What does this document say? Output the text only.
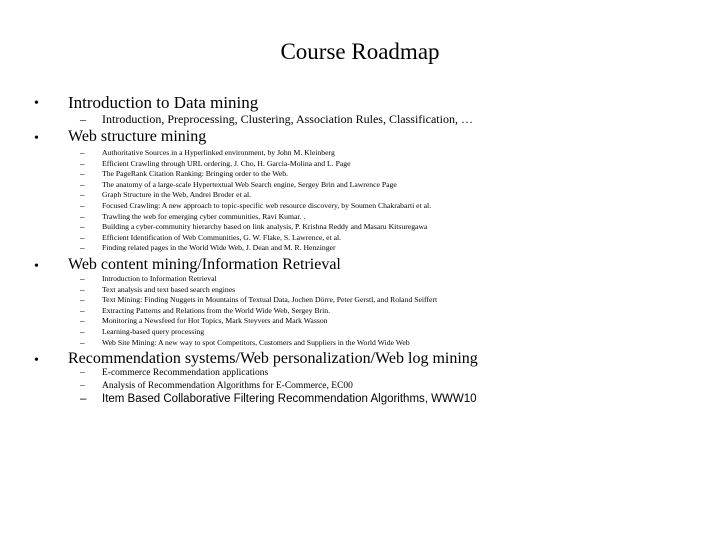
Course Roadmap
• Introduction to Data mining
– Introduction, Preprocessing, Clustering, Association Rules, Classification, …
• Web structure mining
– Authoritative Sources in a Hyperlinked environment, by John M. Kleinberg
– Efficient Crawling through URL ordering, J. Cho, H. Garcia-Molina and L. Page
– The PageRank Citation Ranking: Bringing order to the Web.
– The anatomy of a large-scale Hypertextual Web Search engine, Sergey Brin and Lawrence Page
– Graph Structure in the Web, Andrei Broder et al.
– Focused Crawling: A new approach to topic-specific web resource discovery, by Soumen Chakrabarti et al.
– Trawling the web for emerging cyber communities, Ravi Kumar. .
– Building a cyber-community hierarchy based on link analysis, P. Krishna Reddy and Masaru Kitsuregawa
– Efficient Identification of Web Communities, G. W. Flake, S. Lawrence, et al.
– Finding related pages in the World Wide Web, J. Dean and M. R. Henzinger
• Web content mining/Information Retrieval
– Introduction to Information Retrieval
– Text analysis and text based search engines
– Text Mining: Finding Nuggets in Mountains of Textual Data, Jochen Dörre, Peter Gerstl, and Roland Seiffert
– Extracting Patterns and Relations from the World Wide Web, Sergey Brin.
– Monitoring a Newsfeed for Hot Topics, Mark Steyvers and Mark Wasson
– Learning-based query processing
– Web Site Mining: A new way to spot Competitors, Customers and Suppliers in the World Wide Web
• Recommendation systems/Web personalization/Web log mining
– E-commerce Recommendation applications
– Analysis of Recommendation Algorithms for E-Commerce, EC00
– Item Based Collaborative Filtering Recommendation Algorithms, WWW10
